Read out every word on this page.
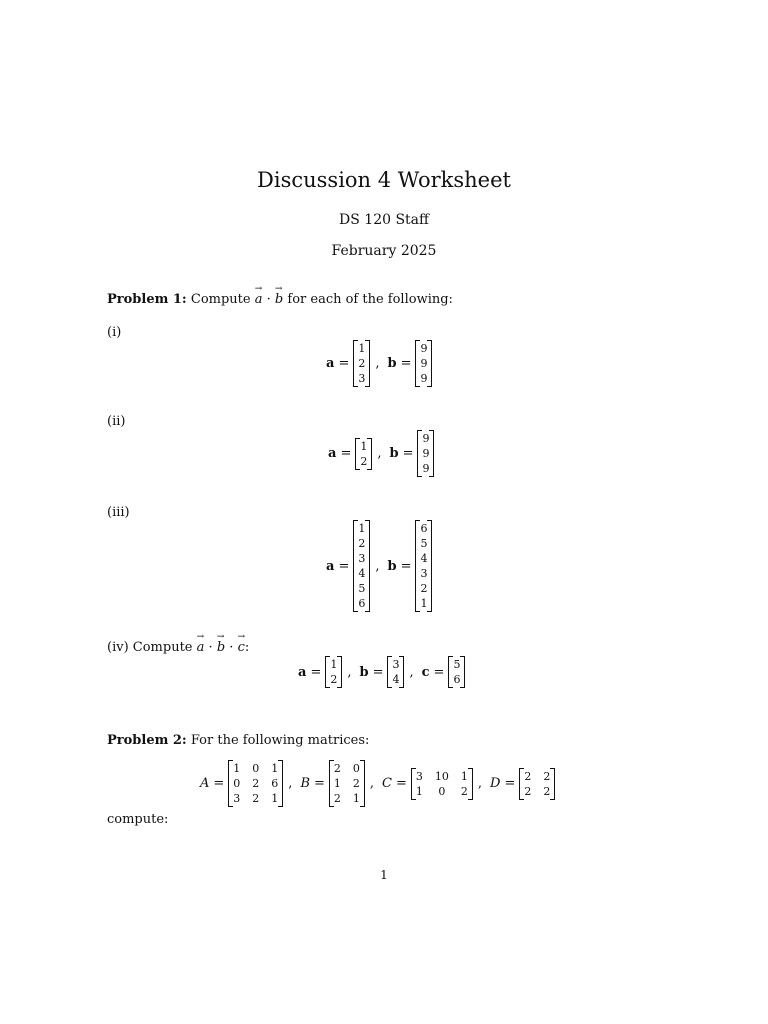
Discussion 4 Worksheet
DS 120 Staff
February 2025
Problem 1: Compute → a · → b for each of the following:
(i)
(ii)
(iii)
(iv) Compute → a · → b · → c:
a =
1
2
3
, b =
9
9
9
a = 1
2 , b =
9
9
9
a =
1
2
3
4
5
6
, b =
6
5
4
3
2
1
a = 1
2 , b = 3
4 , c = 5
6
Problem 2: For the following matrices:
A =
1 0 1
0 2 6
3 2 1
, B =
2 0
1 2
2 1
, C = 3 10 1
1	0	2 , D = 2 2
2 2
compute:
1
